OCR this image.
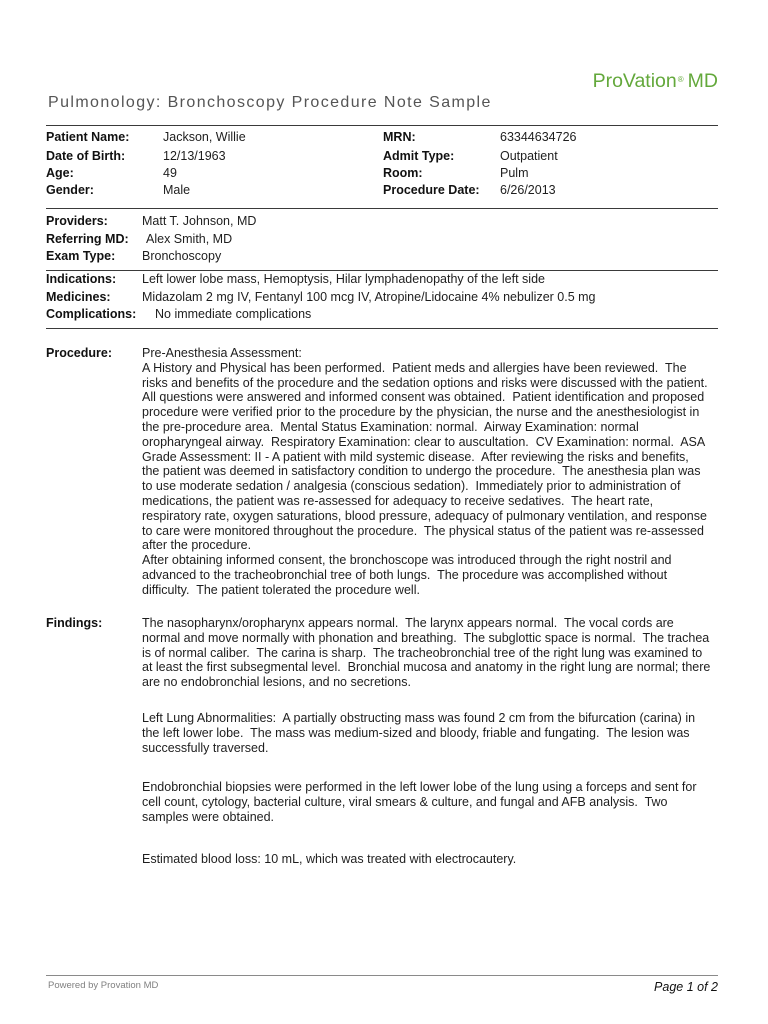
ProVation® MD
Pulmonology: Bronchoscopy Procedure Note Sample
Patient Name:	Jackson, Willie	MRN:	63344634726
Date of Birth:	12/13/1963	Admit Type:	Outpatient
Age:	49	Room:	Pulm
Gender:	Male	Procedure Date: 6/26/2013
Providers:	Matt T. Johnson, MD
Referring MD: Alex Smith, MD
Exam Type: Bronchoscopy
Indications: Left lower lobe mass, Hemoptysis, Hilar lymphadenopathy of the left side
Medicines:	Midazolam 2 mg IV, Fentanyl 100 mcg IV, Atropine/Lidocaine 4% nebulizer 0.5 mg
Complications: No immediate complications
Procedure: Pre-Anesthesia Assessment:
A History and Physical has been performed.  Patient meds and allergies have been reviewed.  The
risks and benefits of the procedure and the sedation options and risks were discussed with the patient.
All questions were answered and informed consent was obtained.  Patient identification and proposed
procedure were verified prior to the procedure by the physician, the nurse and the anesthesiologist in
the pre-procedure area.  Mental Status Examination: normal.  Airway Examination: normal
oropharyngeal airway.  Respiratory Examination: clear to auscultation.  CV Examination: normal.  ASA
Grade Assessment: II - A patient with mild systemic disease.  After reviewing the risks and benefits,
the patient was deemed in satisfactory condition to undergo the procedure.  The anesthesia plan was
to use moderate sedation / analgesia (conscious sedation).  Immediately prior to administration of
medications, the patient was re-assessed for adequacy to receive sedatives.  The heart rate,
respiratory rate, oxygen saturations, blood pressure, adequacy of pulmonary ventilation, and response
to care were monitored throughout the procedure.  The physical status of the patient was re-assessed
after the procedure.
After obtaining informed consent, the bronchoscope was introduced through the right nostril and
advanced to the tracheobronchial tree of both lungs.  The procedure was accomplished without
difficulty.  The patient tolerated the procedure well.
Findings:	The nasopharynx/oropharynx appears normal.  The larynx appears normal.  The vocal cords are
normal and move normally with phonation and breathing.  The subglottic space is normal.  The trachea
is of normal caliber.  The carina is sharp.  The tracheobronchial tree of the right lung was examined to
at least the first subsegmental level.  Bronchial mucosa and anatomy in the right lung are normal; there
are no endobronchial lesions, and no secretions.
Left Lung Abnormalities:  A partially obstructing mass was found 2 cm from the bifurcation (carina) in
the left lower lobe.  The mass was medium-sized and bloody, friable and fungating.  The lesion was
successfully traversed.
Endobronchial biopsies were performed in the left lower lobe of the lung using a forceps and sent for
cell count, cytology, bacterial culture, viral smears & culture, and fungal and AFB analysis.  Two
samples were obtained.
Estimated blood loss: 10 mL, which was treated with electrocautery.
Powered by Provation MD	Page 1 of 2
